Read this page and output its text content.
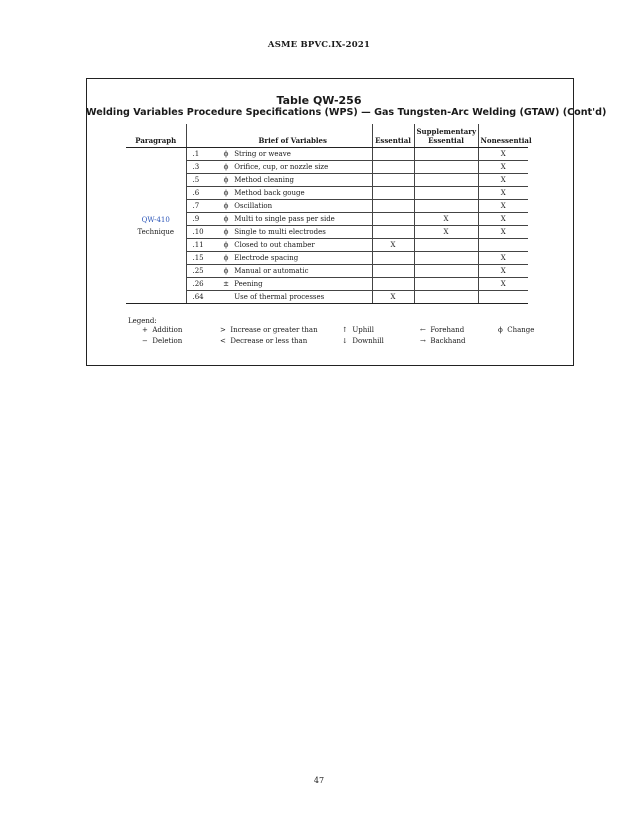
ASME BPVC.IX-2021
Table QW-256
Welding Variables Procedure Specifications (WPS) — Gas Tungsten-Arc Welding (GTAW) (Cont'd)
Paragraph		Brief of Variables	Essential	Supplementary Essential	Nonessential

QW-410
Technique	.1	ϕ String or weave			X
	.3	ϕ Orifice, cup, or nozzle size			X
	.5	ϕ Method cleaning			X
	.6	ϕ Method back gouge			X
	.7	ϕ Oscillation			X
	.9	ϕ Multi to single pass per side		X	X
	.10	ϕ Single to multi electrodes		X	X
	.11	ϕ Closed to out chamber	X		
	.15	ϕ Electrode spacing			X
	.25	ϕ Manual or automatic			X
	.26	± Peening			X
	.64	Use of thermal processes	X		
Legend:
+ Addition	> Increase or greater than	↑ Uphill	← Forehand	ϕ Change
− Deletion	< Decrease or less than	↓ Downhill	→ Backhand
47
